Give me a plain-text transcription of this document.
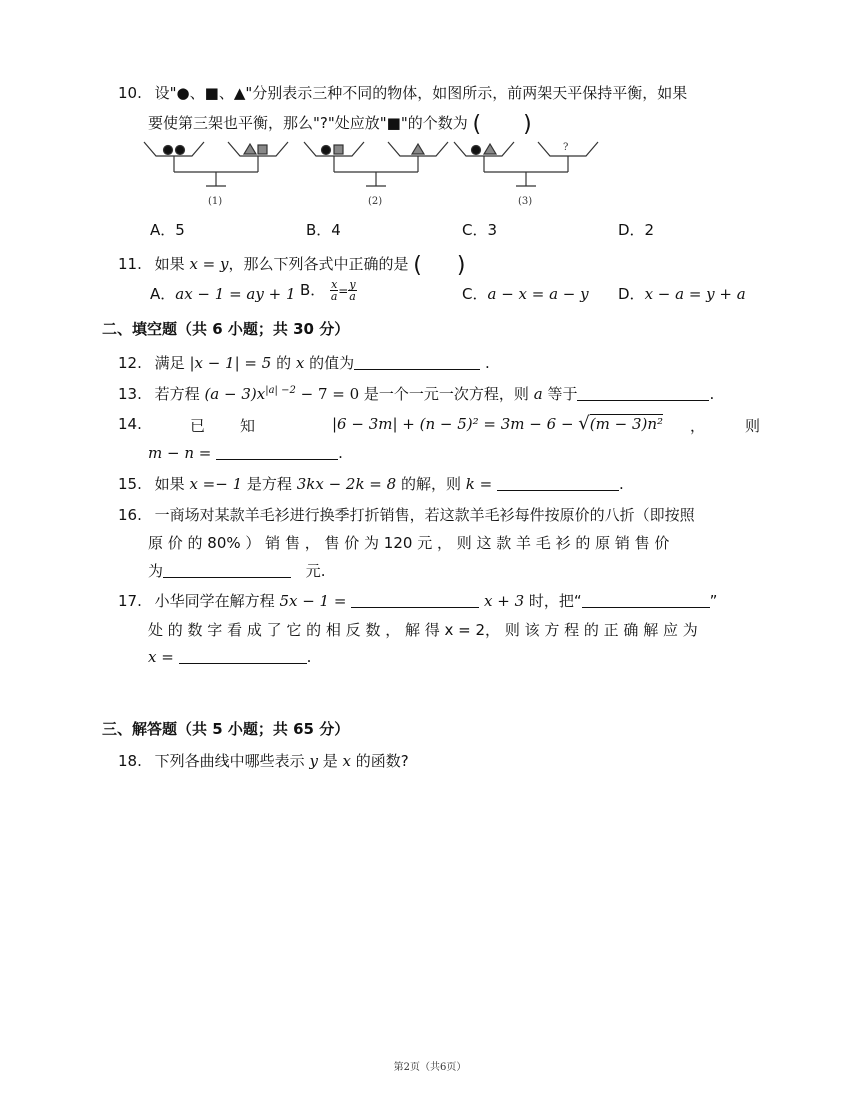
10. 设"●、■、▲"分别表示三种不同的物体，如图所示，前两架天平保持平衡，如果
要使第三架也平衡，那么"?"处应放"■"的个数为 (      )
?
(1)	(2)	(3)
A．5	B．4	C．3	D．2
11. 如果 x = y，那么下列各式中正确的是 (     )
A．ax − 1 = ay + 1 B． $\frac{x}{a} = \frac{y}{a}$	C．a − x = a − y D．x − a = y + a
二、填空题（共 6 小题；共 30 分）
12. 满足 |x − 1| = 5 的 x 的值为	.
13. 若方程 $(a - 3)x^{|a| -2} - 7 = 0$ 是一个一元一次方程，则 a 等于	.
14.	已 知	|6 − 3m| + (n − 5)² = 3m − 6 − √(m − 3)n² ，	则
m − n =	.
15. 如果 x =− 1 是方程 3kx − 2k = 8 的解，则 k =	.
16. 一商场对某款羊毛衫进行换季打折销售，若这款羊毛衫每件按原价的八折（即按照
原 价 的 80% ） 销 售 ， 售 价 为 120 元 ， 则 这 款 羊 毛 衫 的 原 销 售 价
为	元.
17. 小华同学在解方程 5x − 1 =	x + 3 时，把“	”
处 的 数 字 看 成 了 它 的 相 反 数 ， 解 得 x = 2， 则 该 方 程 的 正 确 解 应 为
x =	.
三、解答题（共 5 小题；共 65 分）
18. 下列各曲线中哪些表示 y 是 x 的函数?
第2页（共6页）
